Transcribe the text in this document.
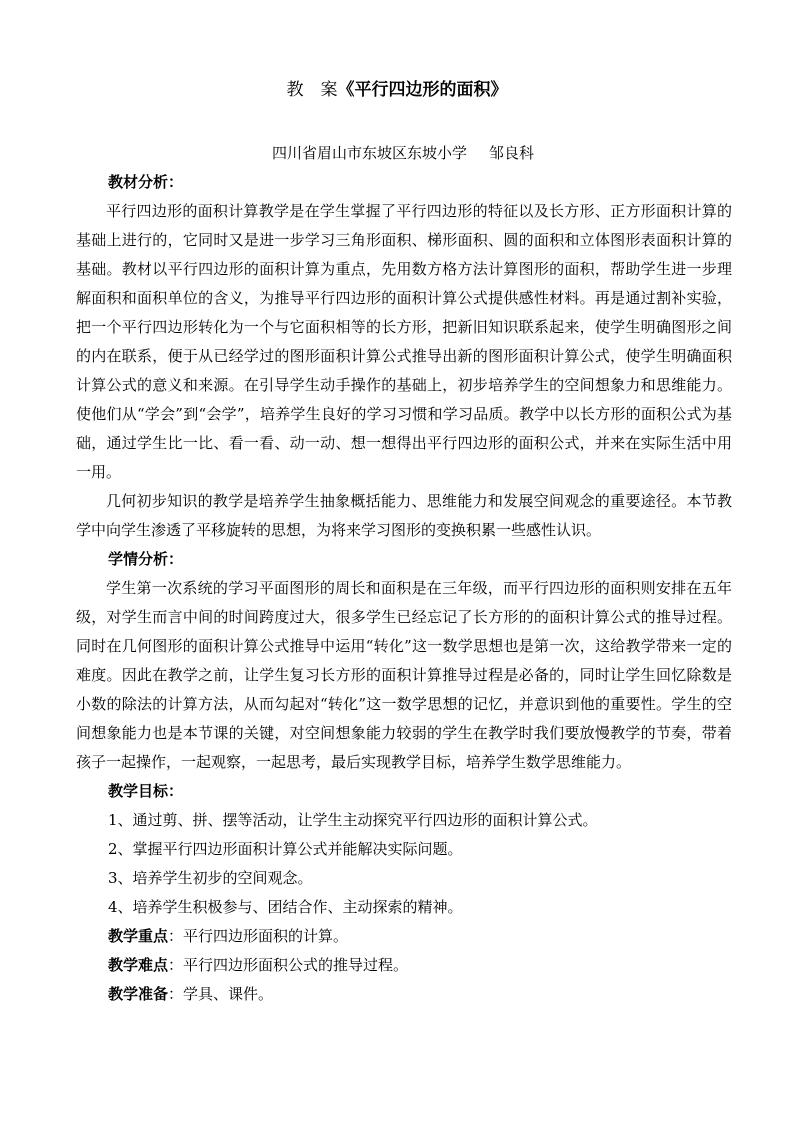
教　案《平行四边形的面积》
四川省眉山市东坡区东坡小学 邹良科

教材分析：

平行四边形的面积计算教学是在学生掌握了平行四边形的特征以及长方形、正方形面积计算的基础上进行的，它同时又是进一步学习三角形面积、梯形面积、圆的面积和立体图形表面积计算的基础。教材以平行四边形的面积计算为重点，先用数方格方法计算图形的面积，帮助学生进一步理解面积和面积单位的含义，为推导平行四边形的面积计算公式提供感性材料。再是通过割补实验，把一个平行四边形转化为一个与它面积相等的长方形，把新旧知识联系起来，使学生明确图形之间的内在联系，便于从已经学过的图形面积计算公式推导出新的图形面积计算公式，使学生明确面积计算公式的意义和来源。在引导学生动手操作的基础上，初步培养学生的空间想象力和思维能力。使他们从“学会”到“会学”，培养学生良好的学习习惯和学习品质。教学中以长方形的面积公式为基础，通过学生比一比、看一看、动一动、想一想得出平行四边形的面积公式，并来在实际生活中用一用。

几何初步知识的教学是培养学生抽象概括能力、思维能力和发展空间观念的重要途径。本节教学中向学生渗透了平移旋转的思想，为将来学习图形的变换积累一些感性认识。

学情分析：

学生第一次系统的学习平面图形的周长和面积是在三年级，而平行四边形的面积则安排在五年级，对学生而言中间的时间跨度过大，很多学生已经忘记了长方形的的面积计算公式的推导过程。同时在几何图形的面积计算公式推导中运用“转化”这一数学思想也是第一次，这给教学带来一定的难度。因此在教学之前，让学生复习长方形的面积计算推导过程是必备的，同时让学生回忆除数是小数的除法的计算方法，从而勾起对“转化”这一数学思想的记忆，并意识到他的重要性。学生的空间想象能力也是本节课的关键，对空间想象能力较弱的学生在教学时我们要放慢教学的节奏，带着孩子一起操作，一起观察，一起思考，最后实现教学目标，培养学生数学思维能力。

教学目标：

1、通过剪、拼、摆等活动，让学生主动探究平行四边形的面积计算公式。

2、掌握平行四边形面积计算公式并能解决实际问题。

3、培养学生初步的空间观念。

4、培养学生积极参与、团结合作、主动探索的精神。

教学重点：平行四边形面积的计算。

教学难点：平行四边形面积公式的推导过程。

教学准备：学具、课件。
